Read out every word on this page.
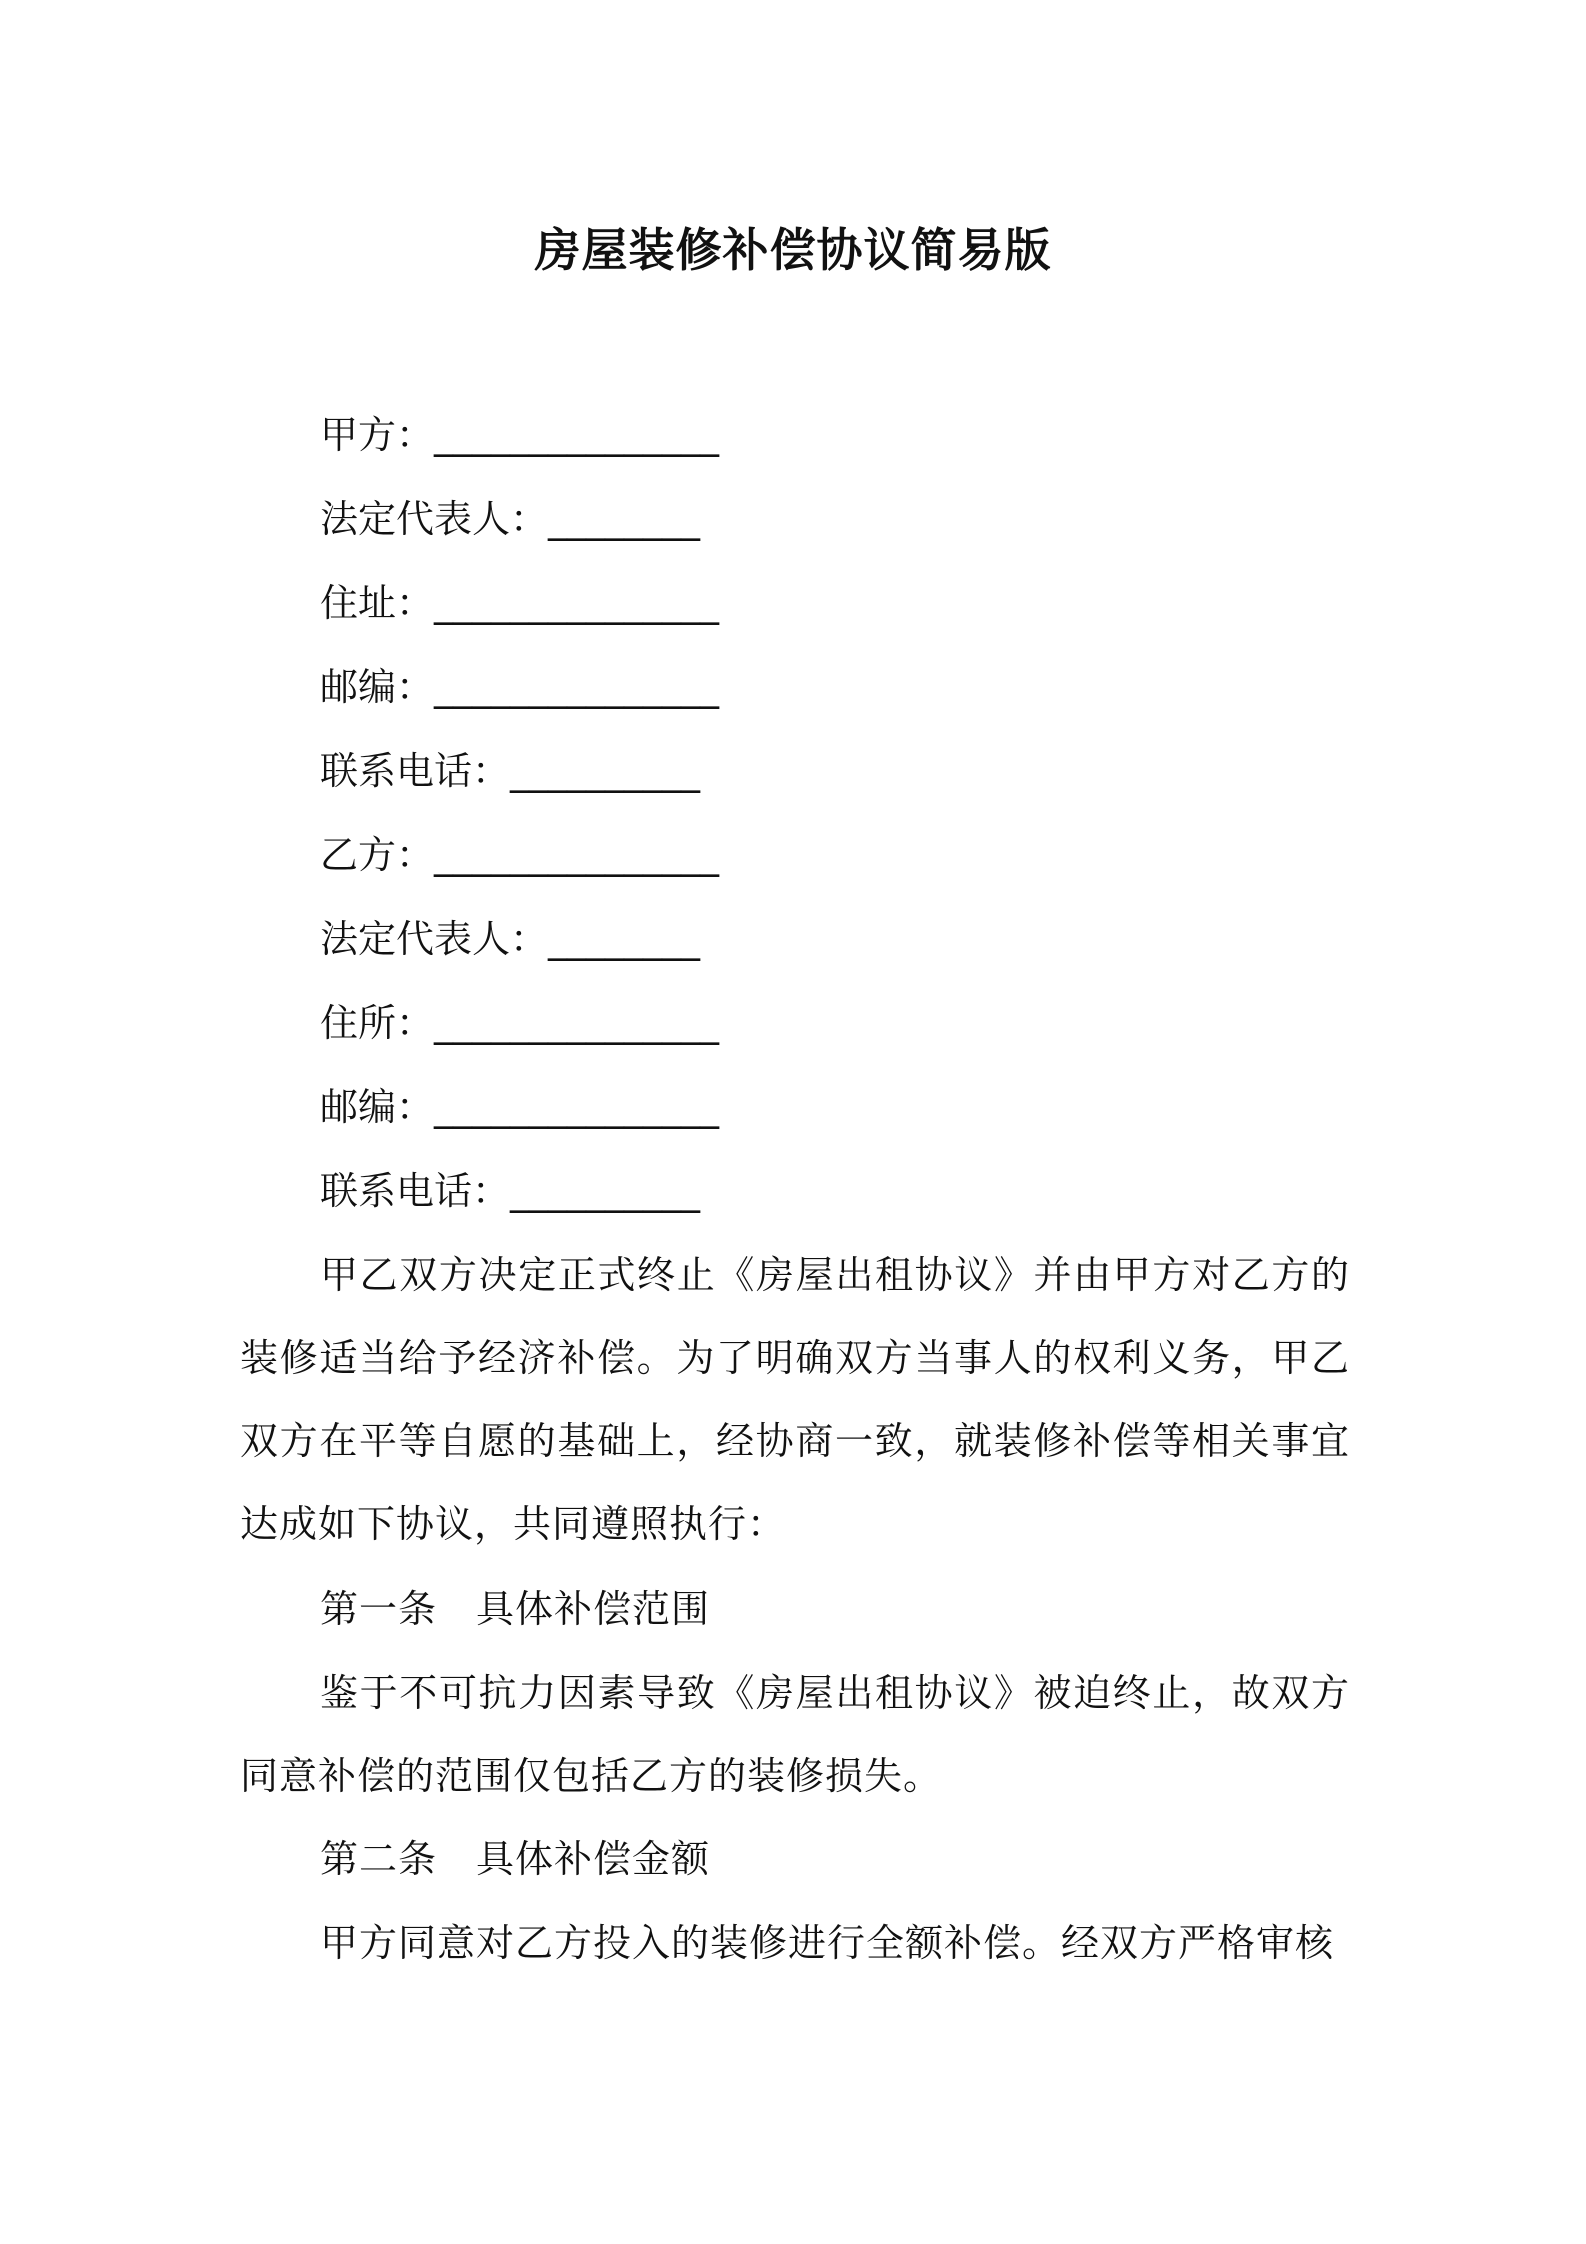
房屋装修补偿协议简易版
甲方：_______________
法定代表人：________
住址：_______________
邮编：_______________
联系电话：__________
乙方：_______________
法定代表人：________
住所：_______________
邮编：_______________
联系电话：__________

甲乙双方决定正式终止《房屋出租协议》并由甲方对乙方的装修适当给予经济补偿。为了明确双方当事人的权利义务，甲乙双方在平等自愿的基础上，经协商一致，就装修补偿等相关事宜达成如下协议，共同遵照执行：

第一条　具体补偿范围

鉴于不可抗力因素导致《房屋出租协议》被迫终止，故双方同意补偿的范围仅包括乙方的装修损失。

第二条　具体补偿金额

甲方同意对乙方投入的装修进行全额补偿。经双方严格审核
